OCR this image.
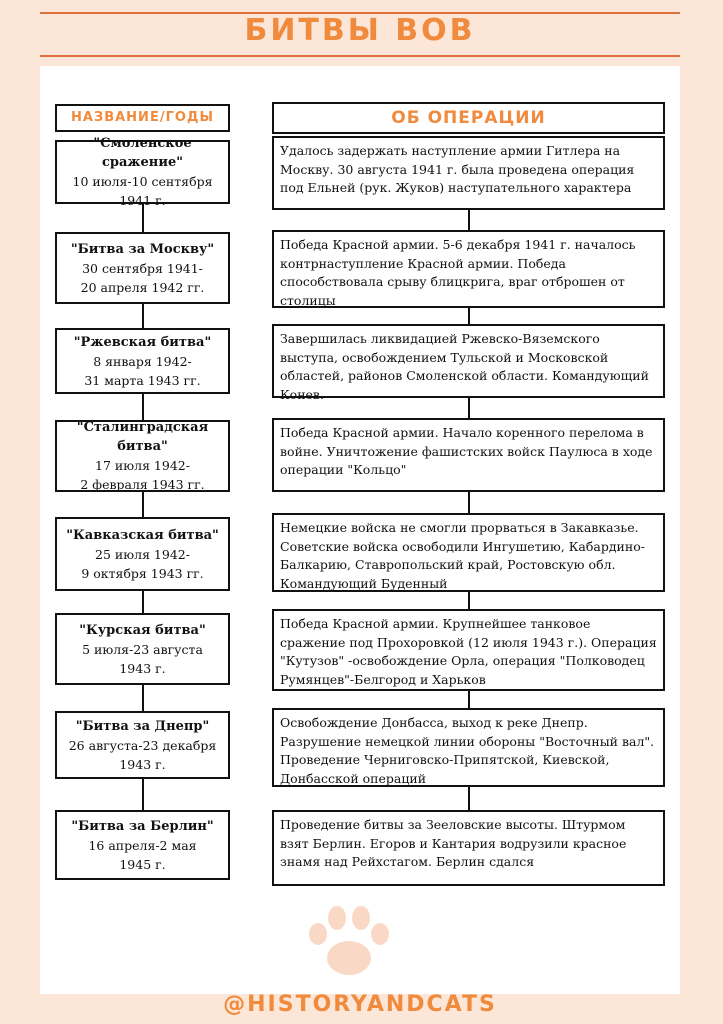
БИТВЫ ВОВ
НАЗВАНИЕ/ГОДЫ	ОБ ОПЕРАЦИИ
"Смоленское сражение"
10 июля-10 сентября
1941 г.
Удалось задержать наступление армии Гитлера на Москву. 30 августа 1941 г. была проведена операция под Ельней (рук. Жуков) наступательного характера
"Битва за Москву"
30 сентября 1941-
20 апреля 1942 гг.
Победа Красной армии. 5-6 декабря 1941 г. началось контрнаступление Красной армии. Победа способствовала срыву блицкрига, враг отброшен от столицы
"Ржевская битва"
8 января 1942-
31 марта 1943 гг.
Завершилась ликвидацией Ржевско-Вяземского выступа, освобождением Тульской и Московской областей, районов Смоленской области. Командующий Конев.
"Сталинградская битва"
17 июля 1942-
2 февраля 1943 гг.
Победа Красной армии. Начало коренного перелома в войне. Уничтожение фашистских войск Паулюса в ходе операции "Кольцо"
"Кавказская битва"
25 июля 1942-
9 октября 1943 гг.
Немецкие войска не смогли прорваться в Закавказье. Советские войска освободили Ингушетию, Кабардино-Балкарию, Ставропольский край, Ростовскую обл. Командующий Буденный
"Курская битва"
5 июля-23 августа
1943 г.
Победа Красной армии. Крупнейшее танковое сражение под Прохоровкой (12 июля 1943 г.). Операция "Кутузов" -освобождение Орла, операция "Полководец Румянцев"-Белгород и Харьков
"Битва за Днепр"
26 августа-23 декабря
1943 г.
Освобождение Донбасса, выход к реке Днепр. Разрушение немецкой линии обороны "Восточный вал". Проведение Черниговско-Припятской, Киевской, Донбасской операций
"Битва за Берлин"
16 апреля-2 мая
1945 г.
Проведение битвы за Зееловские высоты. Штурмом взят Берлин. Егоров и Кантария водрузили красное знамя над Рейхстагом. Берлин сдался
@HISTORYANDCATS
